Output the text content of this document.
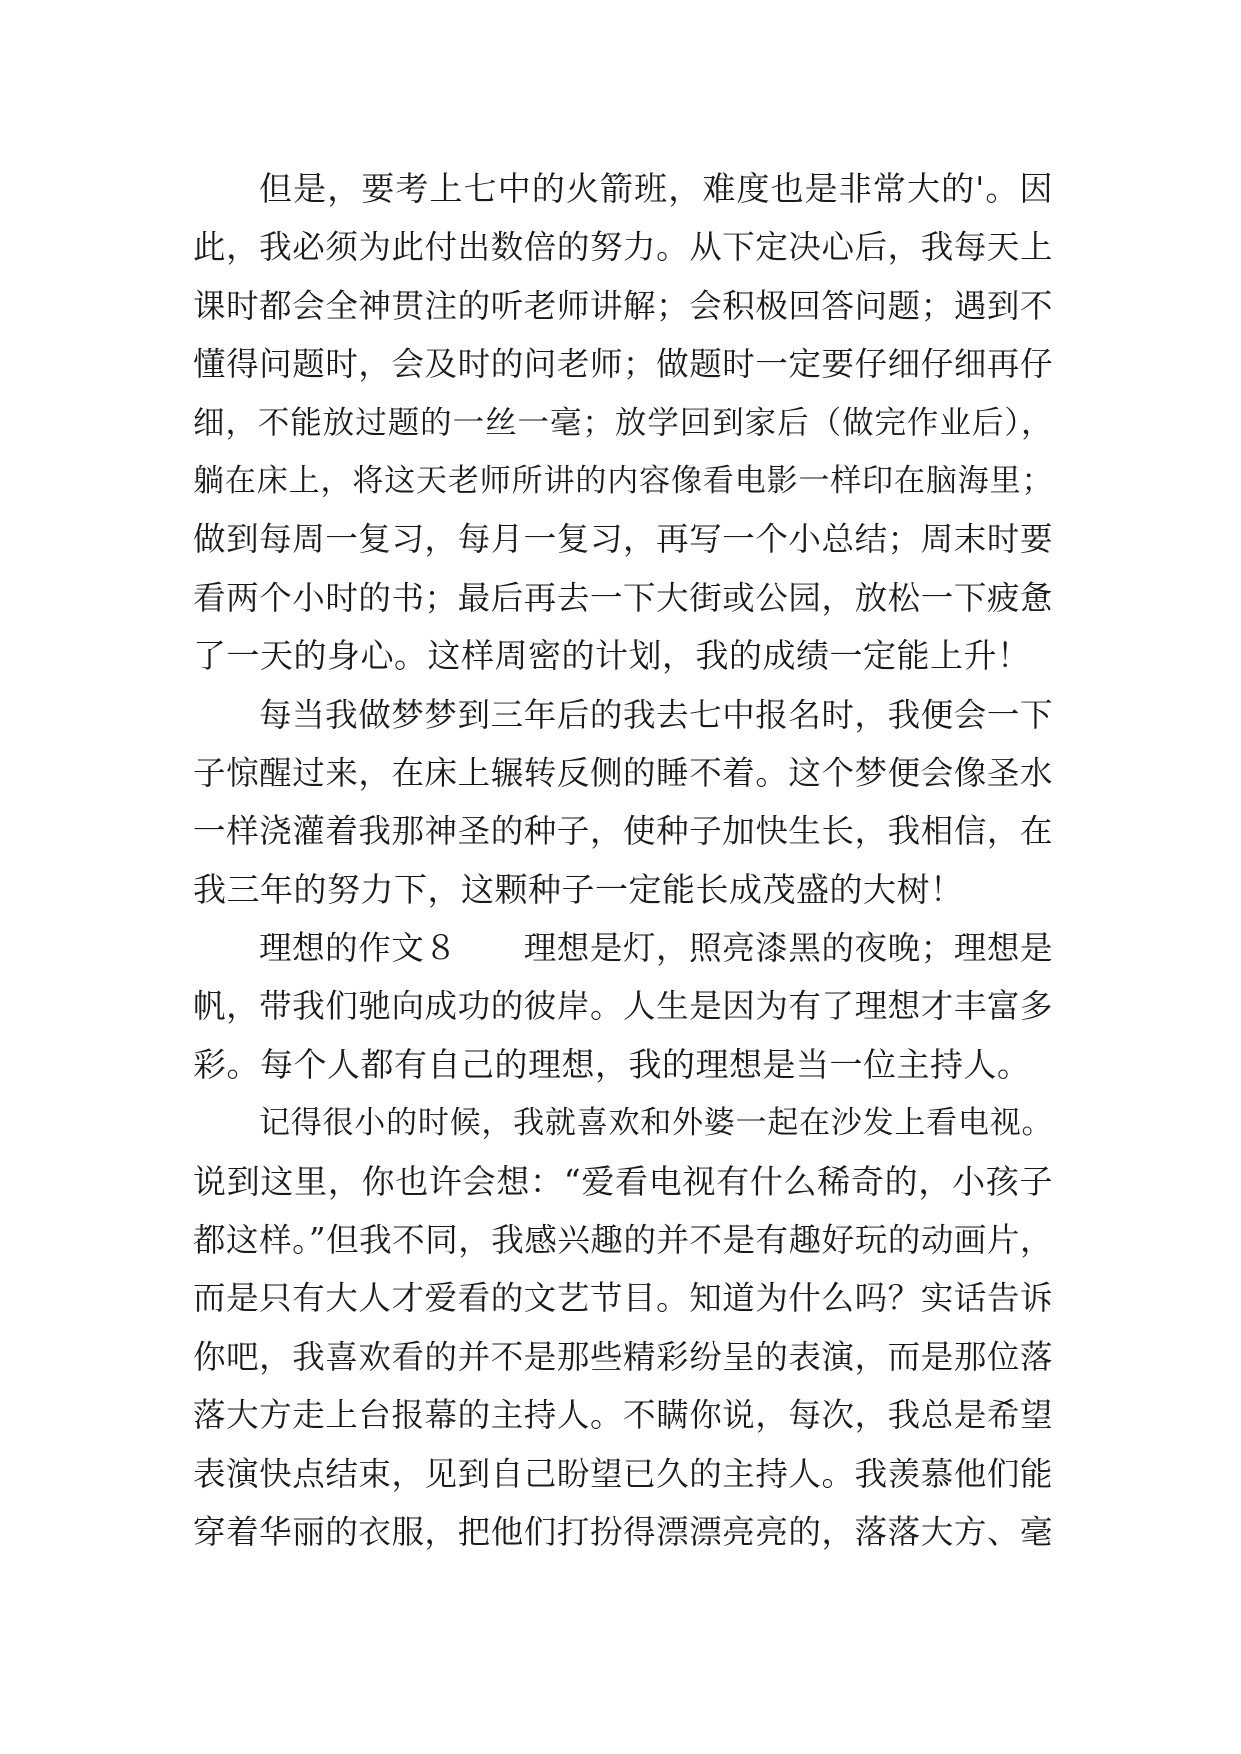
但是，要考上七中的火箭班，难度也是非常大的'。因
此，我必须为此付出数倍的努力。从下定决心后，我每天上
课时都会全神贯注的听老师讲解；会积极回答问题；遇到不
懂得问题时，会及时的问老师；做题时一定要仔细仔细再仔
细，不能放过题的一丝一毫；放学回到家后（做完作业后），
躺在床上，将这天老师所讲的内容像看电影一样印在脑海里；
做到每周一复习，每月一复习，再写一个小总结；周末时要
看两个小时的书；最后再去一下大街或公园，放松一下疲惫
了一天的身心。这样周密的计划，我的成绩一定能上升！
每当我做梦梦到三年后的我去七中报名时，我便会一下
子惊醒过来，在床上辗转反侧的睡不着。这个梦便会像圣水
一样浇灌着我那神圣的种子，使种子加快生长，我相信，在
我三年的努力下，这颗种子一定能长成茂盛的大树！
理想的作文８　　理想是灯，照亮漆黑的夜晚；理想是
帆，带我们驰向成功的彼岸。人生是因为有了理想才丰富多
彩。每个人都有自己的理想，我的理想是当一位主持人。
记得很小的时候，我就喜欢和外婆一起在沙发上看电视。
说到这里，你也许会想：“爱看电视有什么稀奇的，小孩子
都这样。”但我不同，我感兴趣的并不是有趣好玩的动画片，
而是只有大人才爱看的文艺节目。知道为什么吗？实话告诉
你吧，我喜欢看的并不是那些精彩纷呈的表演，而是那位落
落大方走上台报幕的主持人。不瞒你说，每次，我总是希望
表演快点结束，见到自己盼望已久的主持人。我羡慕他们能
穿着华丽的衣服，把他们打扮得漂漂亮亮的，落落大方、毫
